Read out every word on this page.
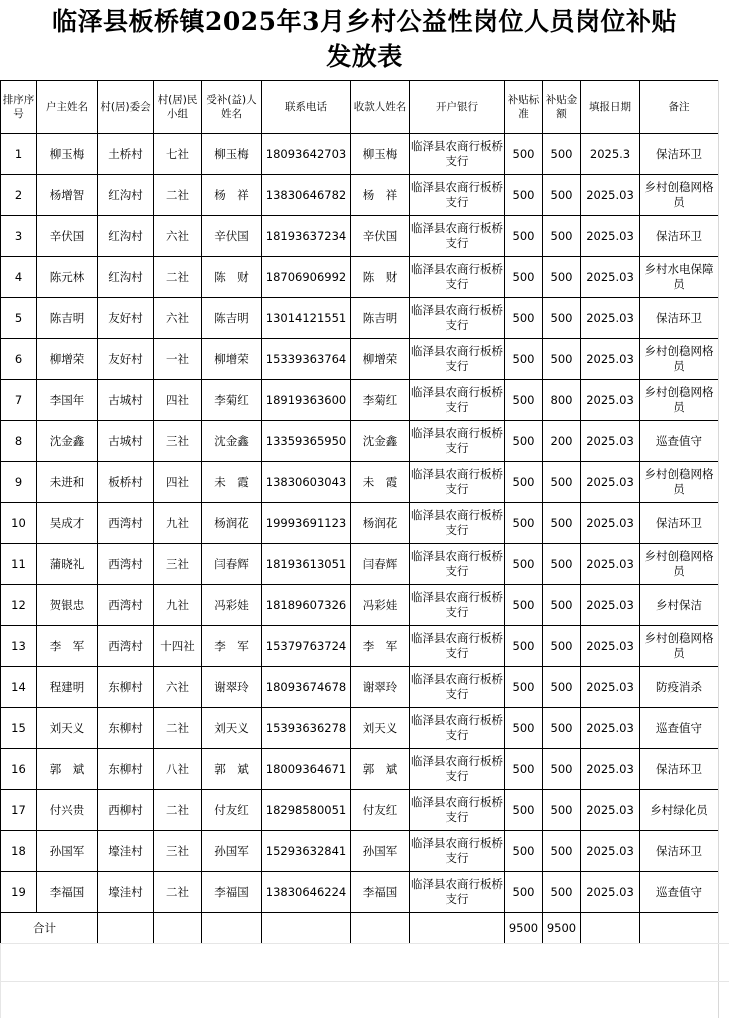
临泽县板桥镇2025年3月乡村公益性岗位人员岗位补贴
发放表
排序序号	户主姓名	村(居)委会	村(居)民小组	受补(益)人姓名	联系电话	收款人姓名	开户银行	补贴标准	补贴金额	填报日期	备注
1	柳玉梅	土桥村	七社	柳玉梅	18093642703	柳玉梅	临泽县农商行板桥支行	500	500	2025.3	保洁环卫
2	杨增智	红沟村	二社	杨　祥	13830646782	杨　祥	临泽县农商行板桥支行	500	500	2025.03	乡村创稳网格员
3	辛伏国	红沟村	六社	辛伏国	18193637234	辛伏国	临泽县农商行板桥支行	500	500	2025.03	保洁环卫
4	陈元林	红沟村	二社	陈　财	18706906992	陈　财	临泽县农商行板桥支行	500	500	2025.03	乡村水电保障员
5	陈吉明	友好村	六社	陈吉明	13014121551	陈吉明	临泽县农商行板桥支行	500	500	2025.03	保洁环卫
6	柳增荣	友好村	一社	柳增荣	15339363764	柳增荣	临泽县农商行板桥支行	500	500	2025.03	乡村创稳网格员
7	李国年	古城村	四社	李菊红	18919363600	李菊红	临泽县农商行板桥支行	500	800	2025.03	乡村创稳网格员
8	沈金鑫	古城村	三社	沈金鑫	13359365950	沈金鑫	临泽县农商行板桥支行	500	200	2025.03	巡查值守
9	未进和	板桥村	四社	未　霞	13830603043	未　霞	临泽县农商行板桥支行	500	500	2025.03	乡村创稳网格员
10	吴成才	西湾村	九社	杨润花	19993691123	杨润花	临泽县农商行板桥支行	500	500	2025.03	保洁环卫
11	蒲晓礼	西湾村	三社	闫春辉	18193613051	闫春辉	临泽县农商行板桥支行	500	500	2025.03	乡村创稳网格员
12	贺银忠	西湾村	九社	冯彩娃	18189607326	冯彩娃	临泽县农商行板桥支行	500	500	2025.03	乡村保洁
13	李　军	西湾村	十四社	李　军	15379763724	李　军	临泽县农商行板桥支行	500	500	2025.03	乡村创稳网格员
14	程建明	东柳村	六社	谢翠玲	18093674678	谢翠玲	临泽县农商行板桥支行	500	500	2025.03	防疫消杀
15	刘天义	东柳村	二社	刘天义	15393636278	刘天义	临泽县农商行板桥支行	500	500	2025.03	巡查值守
16	郭　斌	东柳村	八社	郭　斌	18009364671	郭　斌	临泽县农商行板桥支行	500	500	2025.03	保洁环卫
17	付兴贵	西柳村	二社	付友红	18298580051	付友红	临泽县农商行板桥支行	500	500	2025.03	乡村绿化员
18	孙国军	壕洼村	三社	孙国军	15293632841	孙国军	临泽县农商行板桥支行	500	500	2025.03	保洁环卫
19	李福国	壕洼村	二社	李福国	13830646224	李福国	临泽县农商行板桥支行	500	500	2025.03	巡查值守
合计								9500	9500		
